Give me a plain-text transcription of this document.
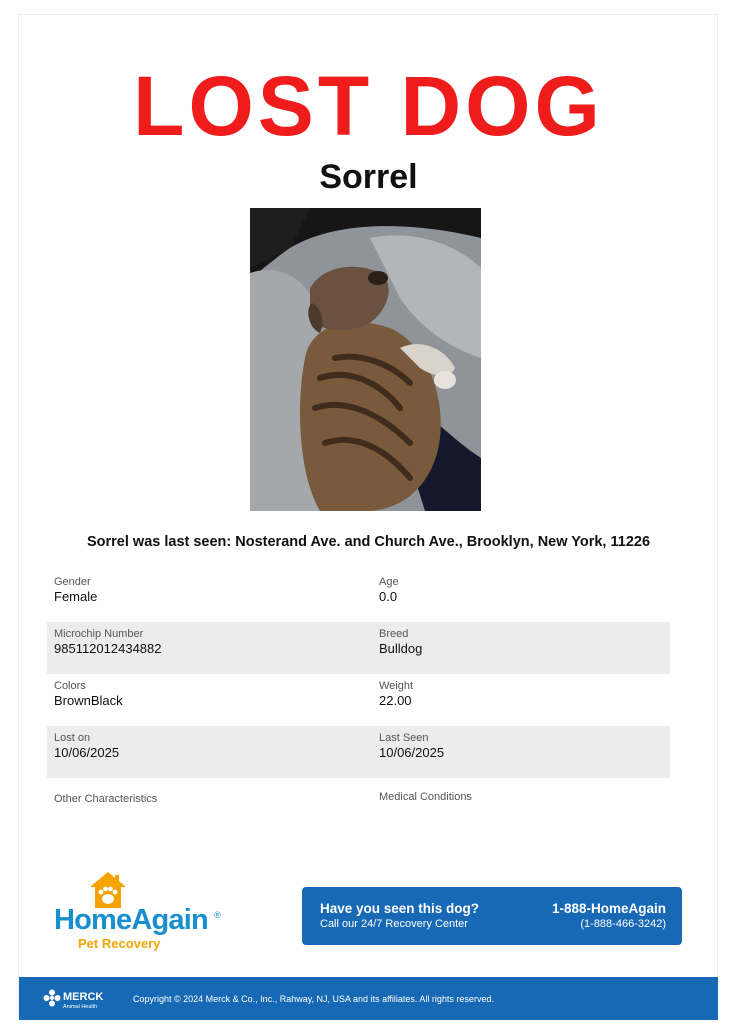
LOST DOG
Sorrel
Sorrel was last seen: Nosterand Ave. and Church Ave., Brooklyn, New York, 11226
Gender
Female
Age
0.0
Microchip Number
985112012434882
Breed
Bulldog
Colors
BrownBlack
Weight
22.00
Lost on
10/06/2025
Last Seen
10/06/2025
Other Characteristics	Medical Conditions
HomeAgain ®
Pet Recovery
Have you seen this dog?
Call our 24/7 Recovery Center
1-888-HomeAgain
(1-888-466-3242)
MERCK
Animal Health
Copyright © 2024 Merck & Co., Inc., Rahway, NJ, USA and its affiliates. All rights reserved.
